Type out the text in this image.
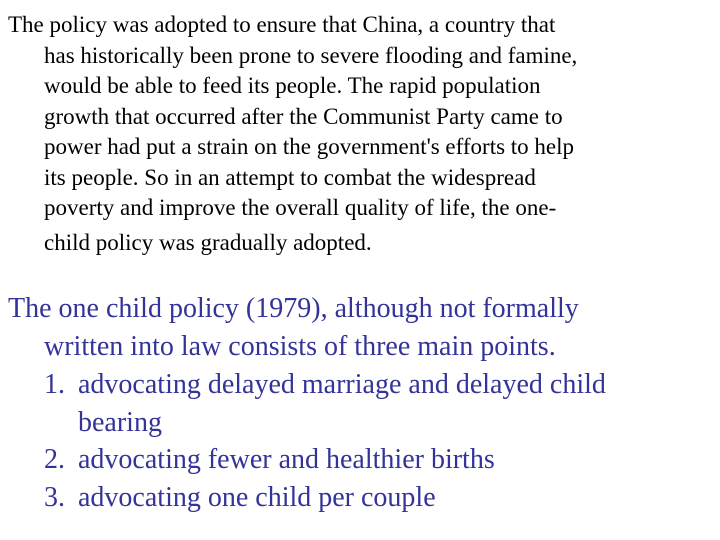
The policy was adopted to ensure that China, a country that
has historically been prone to severe flooding and famine,
would be able to feed its people. The rapid population
growth that occurred after the Communist Party came to
power had put a strain on the government's efforts to help
its people. So in an attempt to combat the widespread
poverty and improve the overall quality of life, the one-
child policy was gradually adopted.

The one child policy (1979), although not formally
written into law consists of three main points.

1. advocating delayed marriage and delayed child
bearing
2. advocating fewer and healthier births
3. advocating one child per couple
